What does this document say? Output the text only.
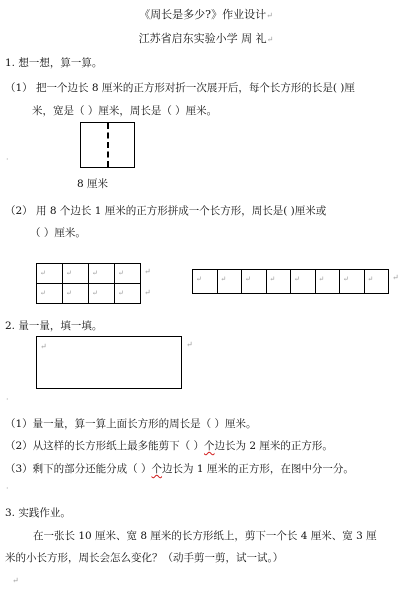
《周长是多少?》作业设计↵
江苏省启东实验小学 周 礼↵
1. 想一想，算一算。
（1） 把一个边长 8 厘米的正方形对折一次展开后，每个长方形的长是( )厘
米，宽是（ ）厘米，周长是（ ）厘米。
8 厘米
·
（2） 用 8 个边长 1 厘米的正方形拼成一个长方形，周长是( )厘米或
（ ）厘米。
↵	↵	↵	↵
↵	↵	↵	↵
↵
↵
↵	↵	↵	↵	↵	↵	↵	↵ ↵
2. 量一量，填一填。
↵	↵
·
（1）量一量，算一算上面长方形的周长是（ ）厘米。
（2）从这样的长方形纸上最多能剪下（ ）个边长为 2 厘米的正方形。
（3）剩下的部分还能分成（ ）个边长为 1 厘米的正方形，在图中分一分。
·
3. 实践作业。
在一张长 10 厘米、宽 8 厘米的长方形纸上，剪下一个长 4 厘米、宽 3 厘
米的小长方形，周长会怎么变化？（动手剪一剪，试一试。）
↵
